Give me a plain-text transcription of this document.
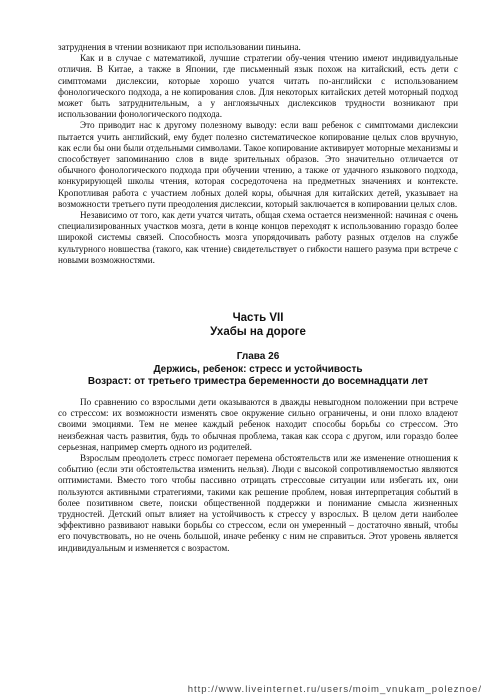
затруднения в чтении возникают при использовании пиньина.

Как и в случае с математикой, лучшие стратегии обу-чения чтению имеют индивидуальные отличия. В Китае, а также в Японии, где письменный язык похож на китайский, есть дети с симптомами дислексии, которые хорошо учатся читать по-английски с использованием фонологического подхода, а не копирования слов. Для некоторых китайских детей моторный подход может быть затруднительным, а у англоязычных дислексиков трудности возникают при использовании фонологического подхода.

Это приводит нас к другому полезному выводу: если ваш ребенок с симптомами дислексии пытается учить английский, ему будет полезно систематическое копирование целых слов вручную, как если бы они были отдельными символами. Такое копирование активирует моторные механизмы и способствует запоминанию слов в виде зрительных образов. Это значительно отличается от обычного фонологического подхода при обучении чтению, а также от удачного языкового подхода, конкурирующей школы чтения, которая сосредоточена на предметных значениях и контексте. Кропотливая работа с участием лобных долей коры, обычная для китайских детей, указывает на возможности третьего пути преодоления дислексии, который заключается в копировании целых слов.

Независимо от того, как дети учатся читать, общая схема остается неизменной: начиная с очень специализированных участков мозга, дети в конце концов переходят к использованию гораздо более широкой системы связей. Способность мозга упорядочивать работу разных отделов на службе культурного новшества (такого, как чтение) свидетельствует о гибкости нашего разума при встрече с новыми возможностями.

Часть VII
Ухабы на дороге
Глава 26
Держись, ребенок: стресс и устойчивость
Возраст: от третьего триместра беременности до восемнадцати лет

По сравнению со взрослыми дети оказываются в дважды невыгодном положении при встрече со стрессом: их возможности изменять свое окружение сильно ограничены, и они плохо владеют своими эмоциями. Тем не менее каждый ребенок находит способы борьбы со стрессом. Это неизбежная часть развития, будь то обычная проблема, такая как ссора с другом, или гораздо более серьезная, например смерть одного из родителей.

Взрослым преодолеть стресс помогает перемена обстоятельств или же изменение отношения к событию (если эти обстоятельства изменить нельзя). Люди с высокой сопротивляемостью являются оптимистами. Вместо того чтобы пассивно отрицать стрессовые ситуации или избегать их, они пользуются активными стратегиями, такими как решение проблем, новая интерпретация событий в более позитивном свете, поиски общественной поддержки и понимание смысла жизненных трудностей. Детский опыт влияет на устойчивость к стрессу у взрослых. В целом дети наиболее эффективно развивают навыки борьбы со стрессом, если он умеренный – достаточно явный, чтобы его почувствовать, но не очень большой, иначе ребенку с ним не справиться. Этот уровень является индивидуальным и изменяется с возрастом.

http://www.liveinternet.ru/users/moim_vnukam_poleznoe/
